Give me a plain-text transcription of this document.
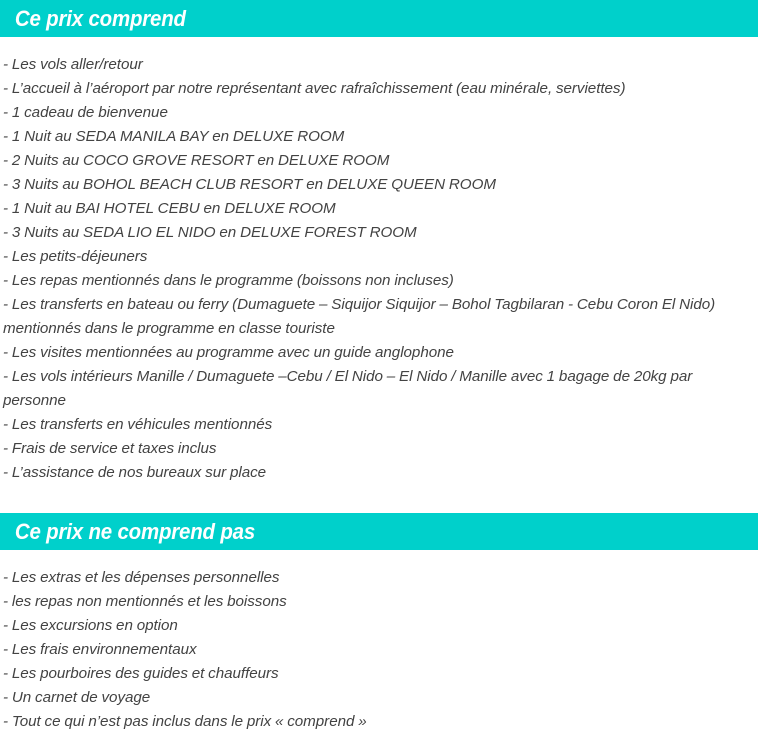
Ce prix comprend

- Les vols aller/retour

- L’accueil à l’aéroport par notre représentant avec rafraîchissement (eau minérale, serviettes)

- 1 cadeau de bienvenue

- 1 Nuit au SEDA MANILA BAY en DELUXE ROOM

- 2 Nuits au COCO GROVE RESORT en DELUXE ROOM

- 3 Nuits au BOHOL BEACH CLUB RESORT en DELUXE QUEEN ROOM

- 1 Nuit au BAI HOTEL CEBU en DELUXE ROOM

- 3 Nuits au SEDA LIO EL NIDO en DELUXE FOREST ROOM

- Les petits-déjeuners

- Les repas mentionnés dans le programme (boissons non incluses)

- Les transferts en bateau ou ferry (Dumaguete – Siquijor Siquijor – Bohol Tagbilaran - Cebu Coron El Nido) mentionnés dans le programme en classe touriste

- Les visites mentionnées au programme avec un guide anglophone

- Les vols intérieurs Manille / Dumaguete –Cebu / El Nido – El Nido / Manille avec 1 bagage de 20kg par personne

- Les transferts en véhicules mentionnés

- Frais de service et taxes inclus

- L’assistance de nos bureaux sur place

Ce prix ne comprend pas

- Les extras et les dépenses personnelles

- les repas non mentionnés et les boissons

- Les excursions en option

- Les frais environnementaux

- Les pourboires des guides et chauffeurs

- Un carnet de voyage

- Tout ce qui n’est pas inclus dans le prix « comprend »
